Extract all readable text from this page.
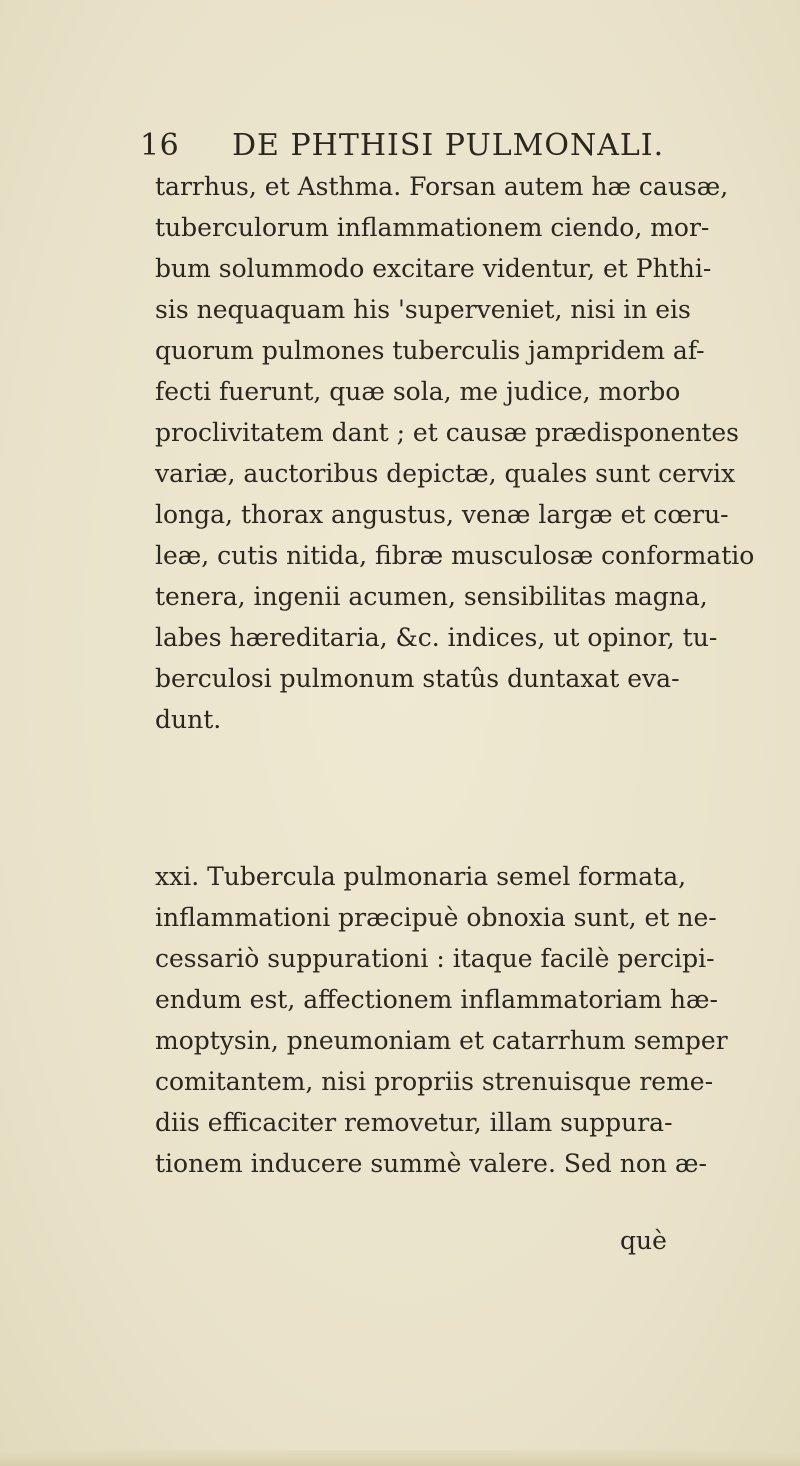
16 DE PHTHISI PULMONALI.
tarrhus, et Asthma. Forsan autem hæ causæ,
tuberculorum inflammationem ciendo, mor-
bum solummodo excitare videntur, et Phthi-
sis nequaquam his 'superveniet, nisi in eis
quorum pulmones tuberculis jampridem af-
fecti fuerunt, quæ sola, me judice, morbo
proclivitatem dant ; et causæ prædisponentes
variæ, auctoribus depictæ, quales sunt cervix
longa, thorax angustus, venæ largæ et cœru-
leæ, cutis nitida, fibræ musculosæ conformatio
tenera, ingenii acumen, sensibilitas magna,
labes hæreditaria, &c. indices, ut opinor, tu-
berculosi pulmonum statûs duntaxat eva-
dunt.
xxi. Tubercula pulmonaria semel formata,
inflammationi præcipuè obnoxia sunt, et ne-
cessariò suppurationi : itaque facilè percipi-
endum est, affectionem inflammatoriam hæ-
moptysin, pneumoniam et catarrhum semper
comitantem, nisi propriis strenuisque reme-
diis efficaciter removetur, illam suppura-
tionem inducere summè valere. Sed non æ-
què
